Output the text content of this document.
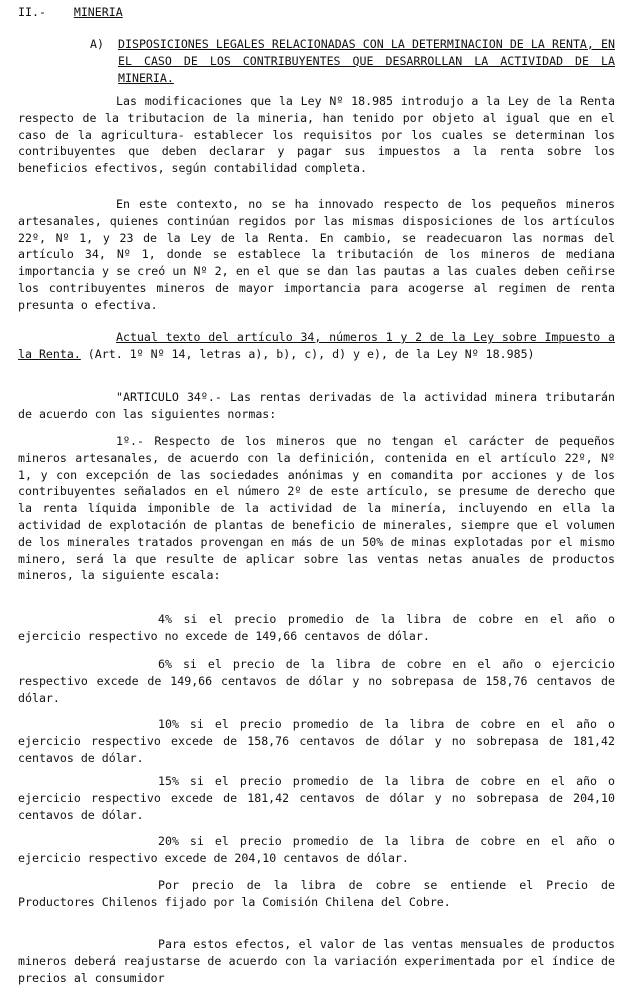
II.- MINERIA
A)	DISPOSICIONES LEGALES RELACIONADAS CON LA DETERMINACION DE LA RENTA, EN EL CASO DE LOS CONTRIBUYENTES QUE DESARROLLAN LA ACTIVIDAD DE LA MINERIA.
Las modificaciones que la Ley Nº 18.985 introdujo a la Ley de la Renta respecto de la tributacion de la mineria, han tenido por objeto al igual que en el caso de la agricultura- establecer los requisitos por los cuales se determinan los contribuyentes que deben declarar y pagar sus impuestos a la renta sobre los beneficios efectivos, según contabilidad completa.
En este contexto, no se ha innovado respecto de los pequeños mineros artesanales, quienes continúan regidos por las mismas disposiciones de los artículos 22º, Nº 1, y 23 de la Ley de la Renta. En cambio, se readecuaron las normas del artículo 34, Nº 1, donde se establece la tributación de los mineros de mediana importancia y se creó un Nº 2, en el que se dan las pautas a las cuales deben ceñirse los contribuyentes mineros de mayor importancia para acogerse al regimen de renta presunta o efectiva.
Actual texto del artículo 34, números 1 y 2 de la Ley sobre Impuesto a la Renta. (Art. 1º Nº 14, letras a), b), c), d) y e), de la Ley Nº 18.985)
"ARTICULO 34º.- Las rentas derivadas de la actividad minera tributarán de acuerdo con las siguientes normas:
1º.- Respecto de los mineros que no tengan el carácter de pequeños mineros artesanales, de acuerdo con la definición, contenida en el artículo 22º, Nº 1, y con excepción de las sociedades anónimas y en comandita por acciones y de los contribuyentes señalados en el número 2º de este artículo, se presume de derecho que la renta líquida imponible de la actividad de la minería, incluyendo en ella la actividad de explotación de plantas de beneficio de minerales, siempre que el volumen de los minerales tratados provengan en más de un 50% de minas explotadas por el mismo minero, será la que resulte de aplicar sobre las ventas netas anuales de productos mineros, la siguiente escala:
4% si el precio promedio de la libra de cobre en el año o ejercicio respectivo no excede de 149,66 centavos de dólar.
6% si el precio de la libra de cobre en el año o ejercicio respectivo excede de 149,66 centavos de dólar y no sobrepasa de 158,76 centavos de dólar.
10% si el precio promedio de la libra de cobre en el año o ejercicio respectivo excede de 158,76 centavos de dólar y no sobrepasa de 181,42 centavos de dólar.
15% si el precio promedio de la libra de cobre en el año o ejercicio respectivo excede de 181,42 centavos de dólar y no sobrepasa de 204,10 centavos de dólar.
20% si el precio promedio de la libra de cobre en el año o ejercicio respectivo excede de 204,10 centavos de dólar.
Por precio de la libra de cobre se entiende el Precio de Productores Chilenos fijado por la Comisión Chilena del Cobre.
Para estos efectos, el valor de las ventas mensuales de productos mineros deberá reajustarse de acuerdo con la variación experimentada por el índice de precios al consumidor
